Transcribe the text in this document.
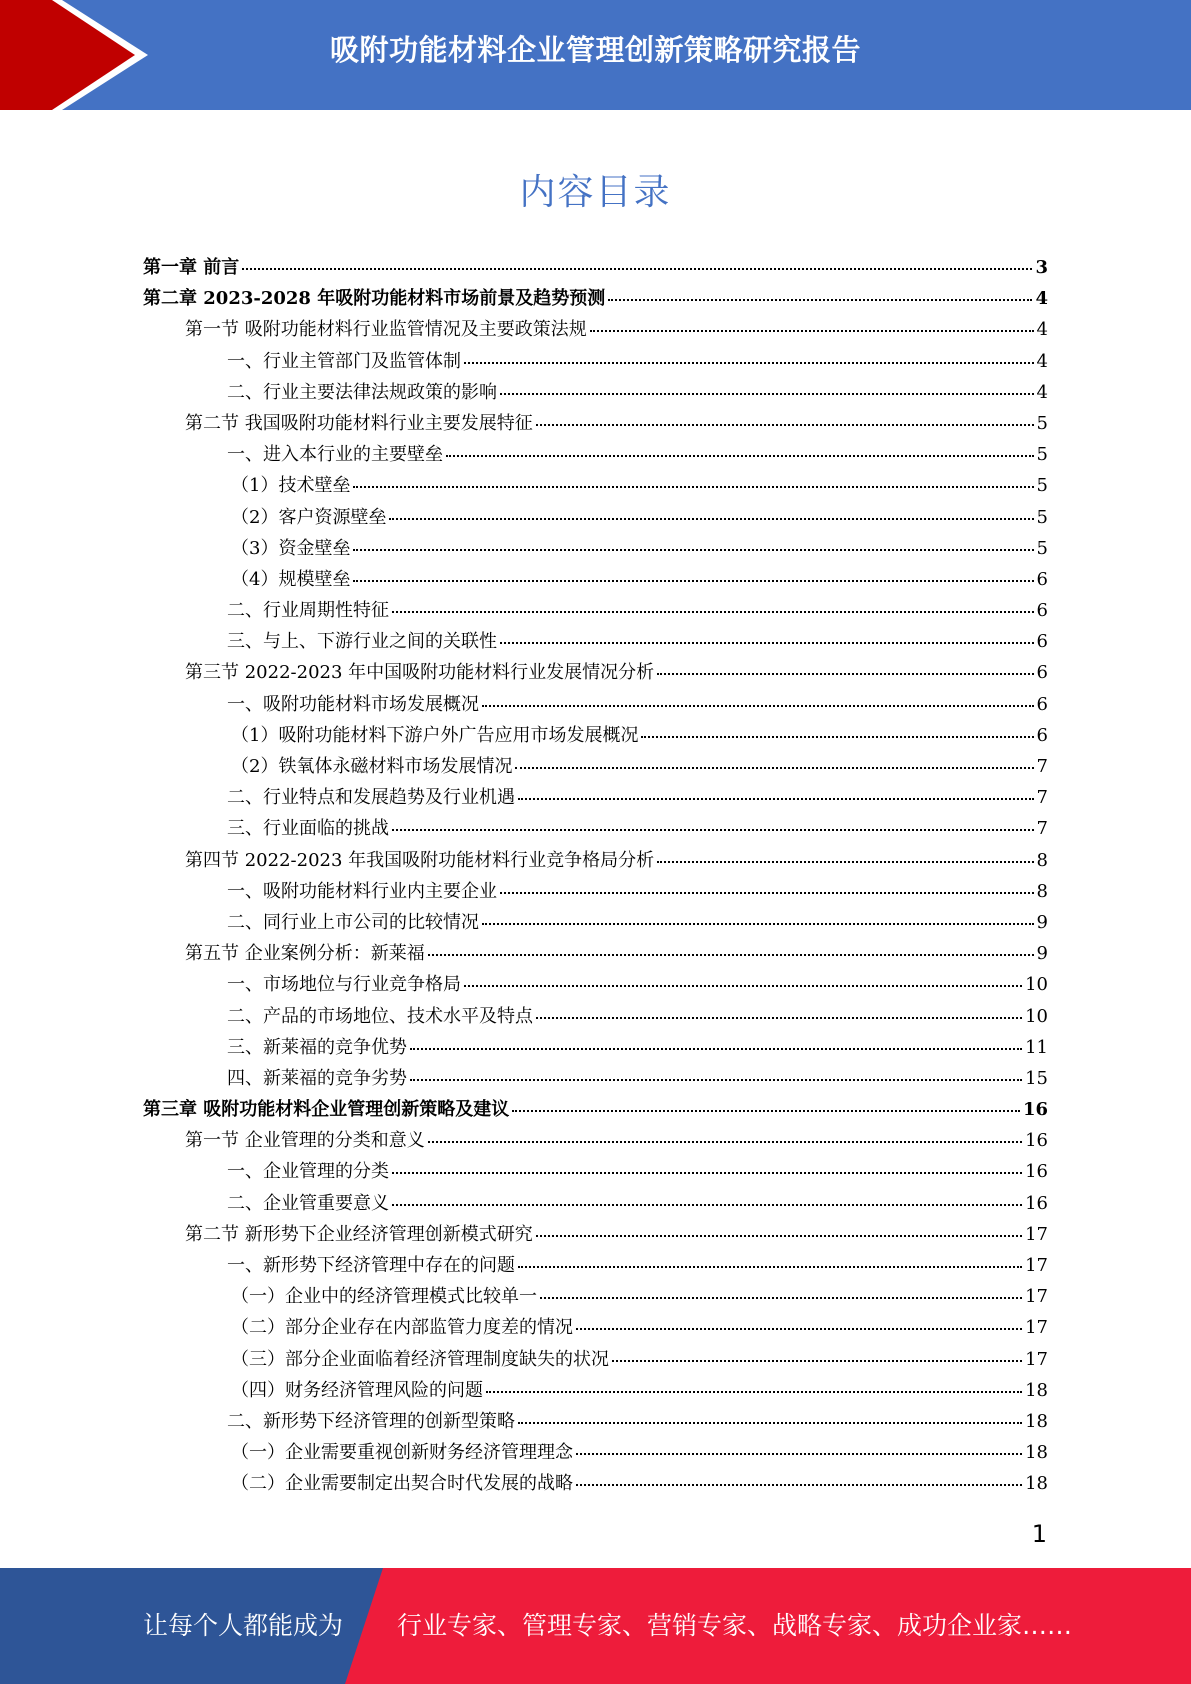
吸附功能材料企业管理创新策略研究报告
内容目录
第一章 前言	3
第二章 2023-2028 年吸附功能材料市场前景及趋势预测	4
第一节 吸附功能材料行业监管情况及主要政策法规	4
一、行业主管部门及监管体制	4
二、行业主要法律法规政策的影响	4
第二节 我国吸附功能材料行业主要发展特征	5
一、进入本行业的主要壁垒	5
（1）技术壁垒	5
（2）客户资源壁垒	5
（3）资金壁垒	5
（4）规模壁垒	6
二、行业周期性特征	6
三、与上、下游行业之间的关联性	6
第三节 2022-2023 年中国吸附功能材料行业发展情况分析	6
一、吸附功能材料市场发展概况	6
（1）吸附功能材料下游户外广告应用市场发展概况	6
（2）铁氧体永磁材料市场发展情况	7
二、行业特点和发展趋势及行业机遇	7
三、行业面临的挑战	7
第四节 2022-2023 年我国吸附功能材料行业竞争格局分析	8
一、吸附功能材料行业内主要企业	8
二、同行业上市公司的比较情况	9
第五节 企业案例分析：新莱福	9
一、市场地位与行业竞争格局	10
二、产品的市场地位、技术水平及特点	10
三、新莱福的竞争优势	11
四、新莱福的竞争劣势	15
第三章 吸附功能材料企业管理创新策略及建议	16
第一节 企业管理的分类和意义	16
一、企业管理的分类	16
二、企业管重要意义	16
第二节 新形势下企业经济管理创新模式研究	17
一、新形势下经济管理中存在的问题	17
（一）企业中的经济管理模式比较单一	17
（二）部分企业存在内部监管力度差的情况	17
（三）部分企业面临着经济管理制度缺失的状况	17
（四）财务经济管理风险的问题	18
二、新形势下经济管理的创新型策略	18
（一）企业需要重视创新财务经济管理理念	18
（二）企业需要制定出契合时代发展的战略	18
1
让每个人都能成为 行业专家、管理专家、营销专家、战略专家、成功企业家……
